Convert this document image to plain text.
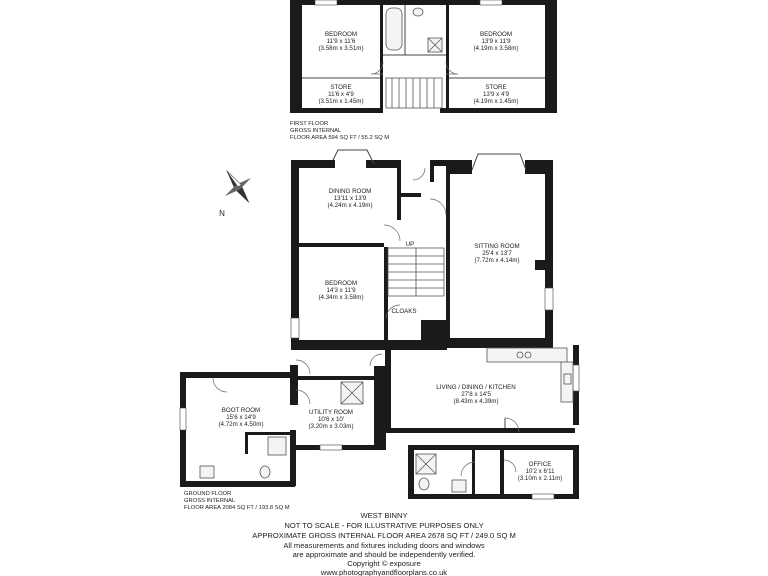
BEDROOM
11'9 x 11'6
(3.58m x 3.51m)
BEDROOM
13'9 x 11'9
(4.19m x 3.58m)
STORE
11'6 x 4'9
(3.51m x 1.45m)
STORE
13'9 x 4'9
(4.19m x 1.45m)
FIRST FLOOR
GROSS INTERNAL
FLOOR AREA 594 SQ FT / 55.2 SQ M
N
DINING ROOM
13'11 x 13'9
(4.24m x 4.19m)
BEDROOM
14'3 x 11'9
(4.34m x 3.58m)
SITTING ROOM
25'4 x 13'7
(7.72m x 4.14m)
UP
CLOAKS
LIVING / DINING / KITCHEN
27'8 x 14'5
(8.43m x 4.39m)
BOOT ROOM
15'6 x 14'9
(4.72m x 4.50m)
UTILITY ROOM
10'6 x 10'
(3.20m x 3.03m)
GROUND FLOOR
GROSS INTERNAL
FLOOR AREA 2084 SQ FT / 193.8 SQ M
OFFICE
10'2 x 6'11
(3.10m x 2.11m)
WEST BINNY
NOT TO SCALE - FOR ILLUSTRATIVE PURPOSES ONLY
APPROXIMATE GROSS INTERNAL FLOOR AREA 2678 SQ FT / 249.0 SQ M
All measurements and fixtures including doors and windows
are approximate and should be independently verified.
Copyright © exposure
www.photographyandfloorplans.co.uk
